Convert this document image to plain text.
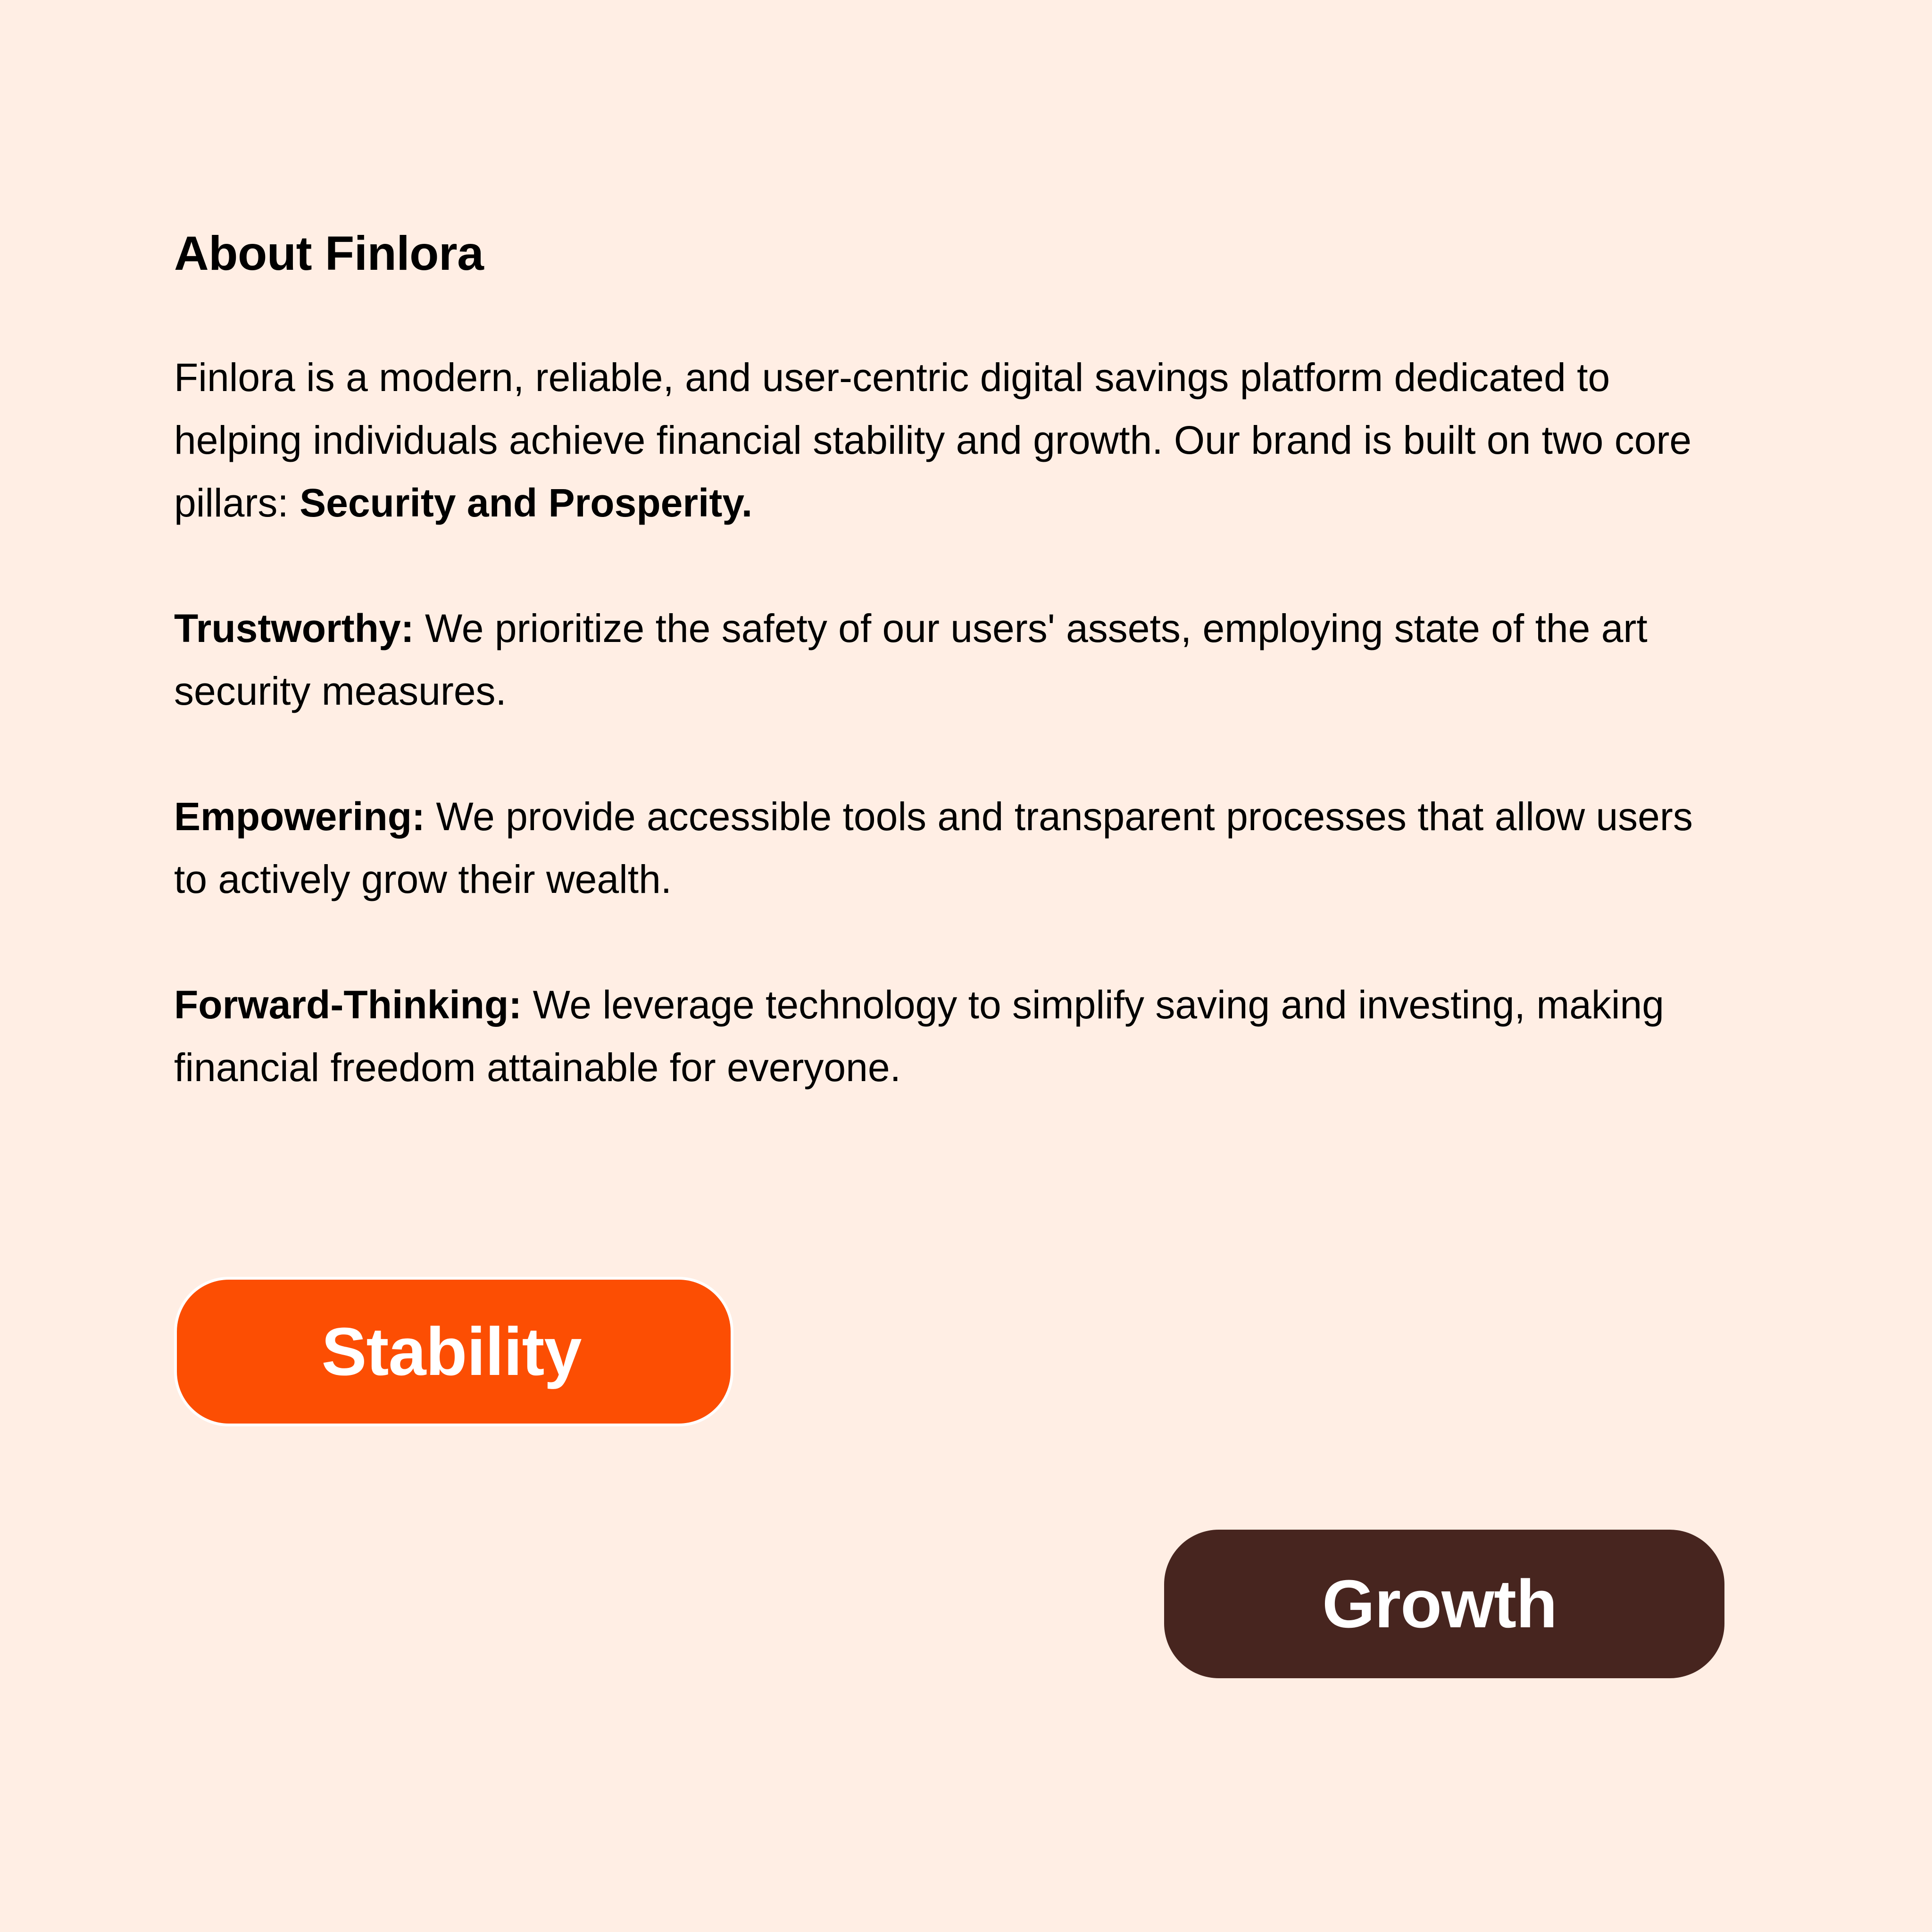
About Finlora

Finlora is a modern, reliable, and user-centric digital savings platform dedicated to helping individuals achieve financial stability and growth. Our brand is built on two core pillars: Security and Prosperity.

Trustworthy: We prioritize the safety of our users' assets, employing state of the art security measures.

Empowering: We provide accessible tools and transparent processes that allow users to actively grow their wealth.

Forward-Thinking: We leverage technology to simplify saving and investing, making financial freedom attainable for everyone.

Stability
Growth
